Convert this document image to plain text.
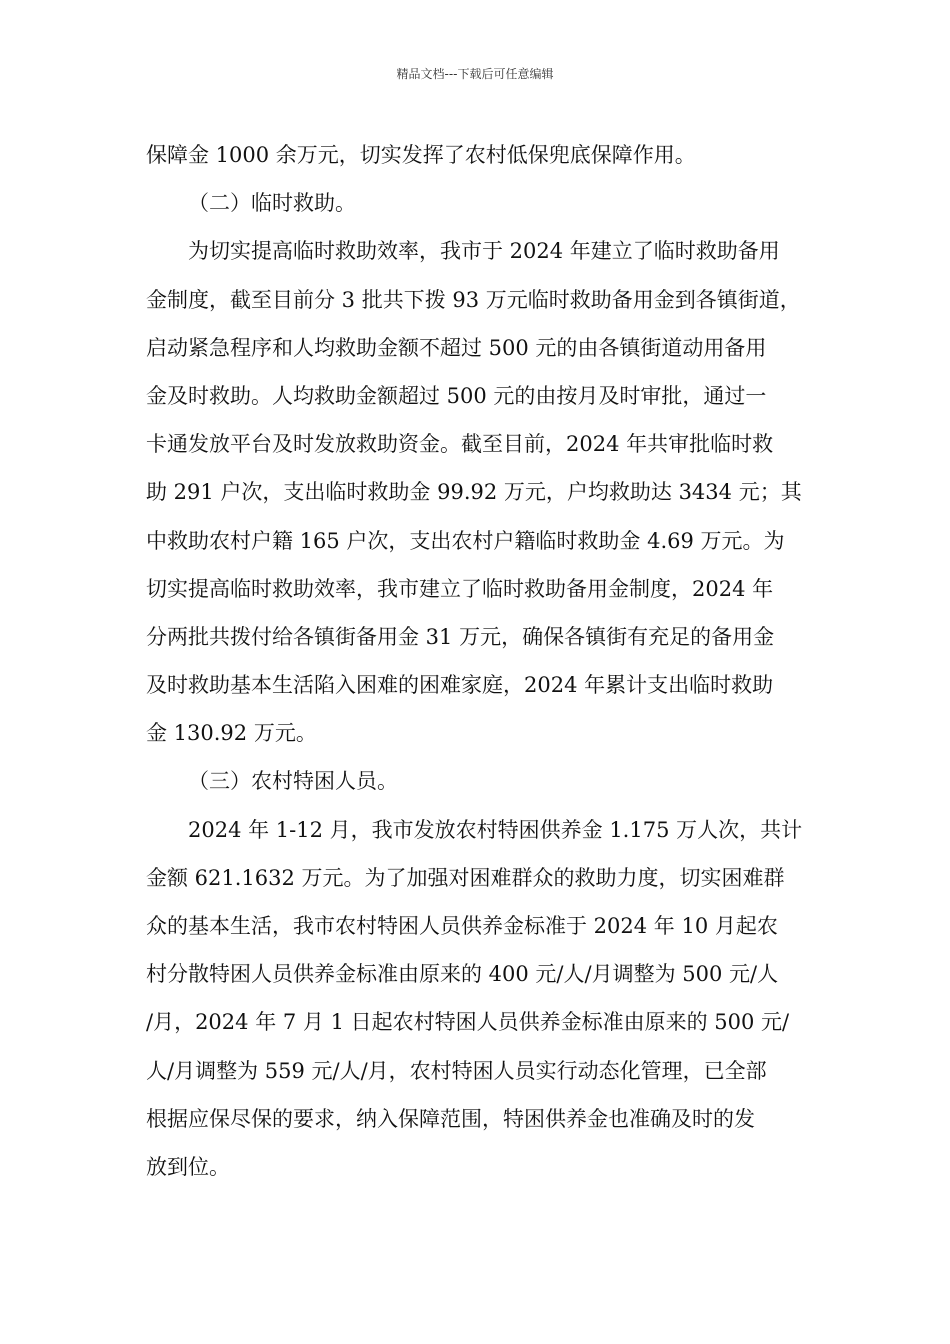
精品文档---下载后可任意编辑
保障金 1000 余万元，切实发挥了农村低保兜底保障作用。
（二）临时救助。
为切实提高临时救助效率，我市于 2024 年建立了临时救助备用
金制度，截至目前分 3 批共下拨 93 万元临时救助备用金到各镇街道，
启动紧急程序和人均救助金额不超过 500 元的由各镇街道动用备用
金及时救助。人均救助金额超过 500 元的由按月及时审批，通过一
卡通发放平台及时发放救助资金。截至目前，2024 年共审批临时救
助 291 户次，支出临时救助金 99.92 万元，户均救助达 3434 元；其
中救助农村户籍 165 户次，支出农村户籍临时救助金 4.69 万元。为
切实提高临时救助效率，我市建立了临时救助备用金制度，2024 年
分两批共拨付给各镇街备用金 31 万元，确保各镇街有充足的备用金
及时救助基本生活陷入困难的困难家庭，2024 年累计支出临时救助
金 130.92 万元。
（三）农村特困人员。
2024 年 1-12 月，我市发放农村特困供养金 1.175 万人次，共计
金额 621.1632 万元。为了加强对困难群众的救助力度，切实困难群
众的基本生活，我市农村特困人员供养金标准于 2024 年 10 月起农
村分散特困人员供养金标准由原来的 400 元/人/月调整为 500 元/人
/月，2024 年 7 月 1 日起农村特困人员供养金标准由原来的 500 元/
人/月调整为 559 元/人/月，农村特困人员实行动态化管理，已全部
根据应保尽保的要求，纳入保障范围，特困供养金也准确及时的发
放到位。
